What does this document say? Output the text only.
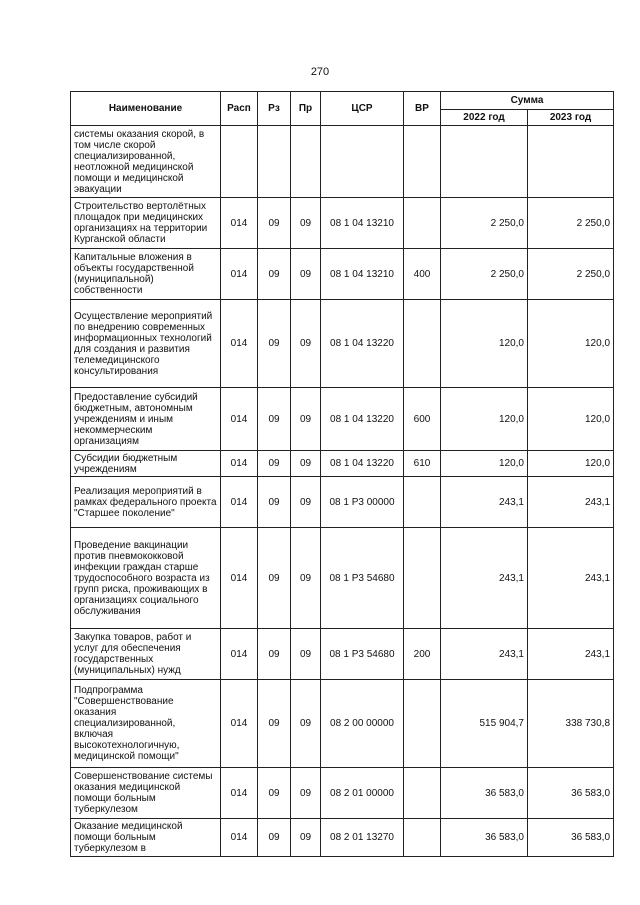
270
Наименование	Расп	Рз	Пр	ЦСР	ВР	Сумма	
						2022 год	2023 год
системы оказания скорой, в том числе скорой специализированной, неотложной медицинской помощи и медицинской эвакуации							
Строительство вертолётных площадок при медицинских организациях на территории Курганской области	014	09	09	08 1 04 13210		2 250,0	2 250,0
Капитальные вложения в объекты государственной (муниципальной) собственности	014	09	09	08 1 04 13210	400	2 250,0	2 250,0
Осуществление мероприятий по внедрению современных информационных технологий для создания и развития телемедицинского консультирования	014	09	09	08 1 04 13220		120,0	120,0
Предоставление субсидий бюджетным, автономным учреждениям и иным некоммерческим организациям	014	09	09	08 1 04 13220	600	120,0	120,0
Субсидии бюджетным учреждениям	014	09	09	08 1 04 13220	610	120,0	120,0
Реализация мероприятий в рамках федерального проекта "Старшее поколение"	014	09	09	08 1 P3 00000		243,1	243,1
Проведение вакцинации против пневмококковой инфекции граждан старше трудоспособного возраста из групп риска, проживающих в организациях социального обслуживания	014	09	09	08 1 P3 54680		243,1	243,1
Закупка товаров, работ и услуг для обеспечения государственных (муниципальных) нужд	014	09	09	08 1 P3 54680	200	243,1	243,1
Подпрограмма "Совершенствование оказания специализированной, включая высокотехнологичную, медицинской помощи"	014	09	09	08 2 00 00000		515 904,7	338 730,8
Совершенствование системы оказания медицинской помощи больным туберкулезом	014	09	09	08 2 01 00000		36 583,0	36 583,0
Оказание медицинской помощи больным туберкулезом в	014	09	09	08 2 01 13270		36 583,0	36 583,0
